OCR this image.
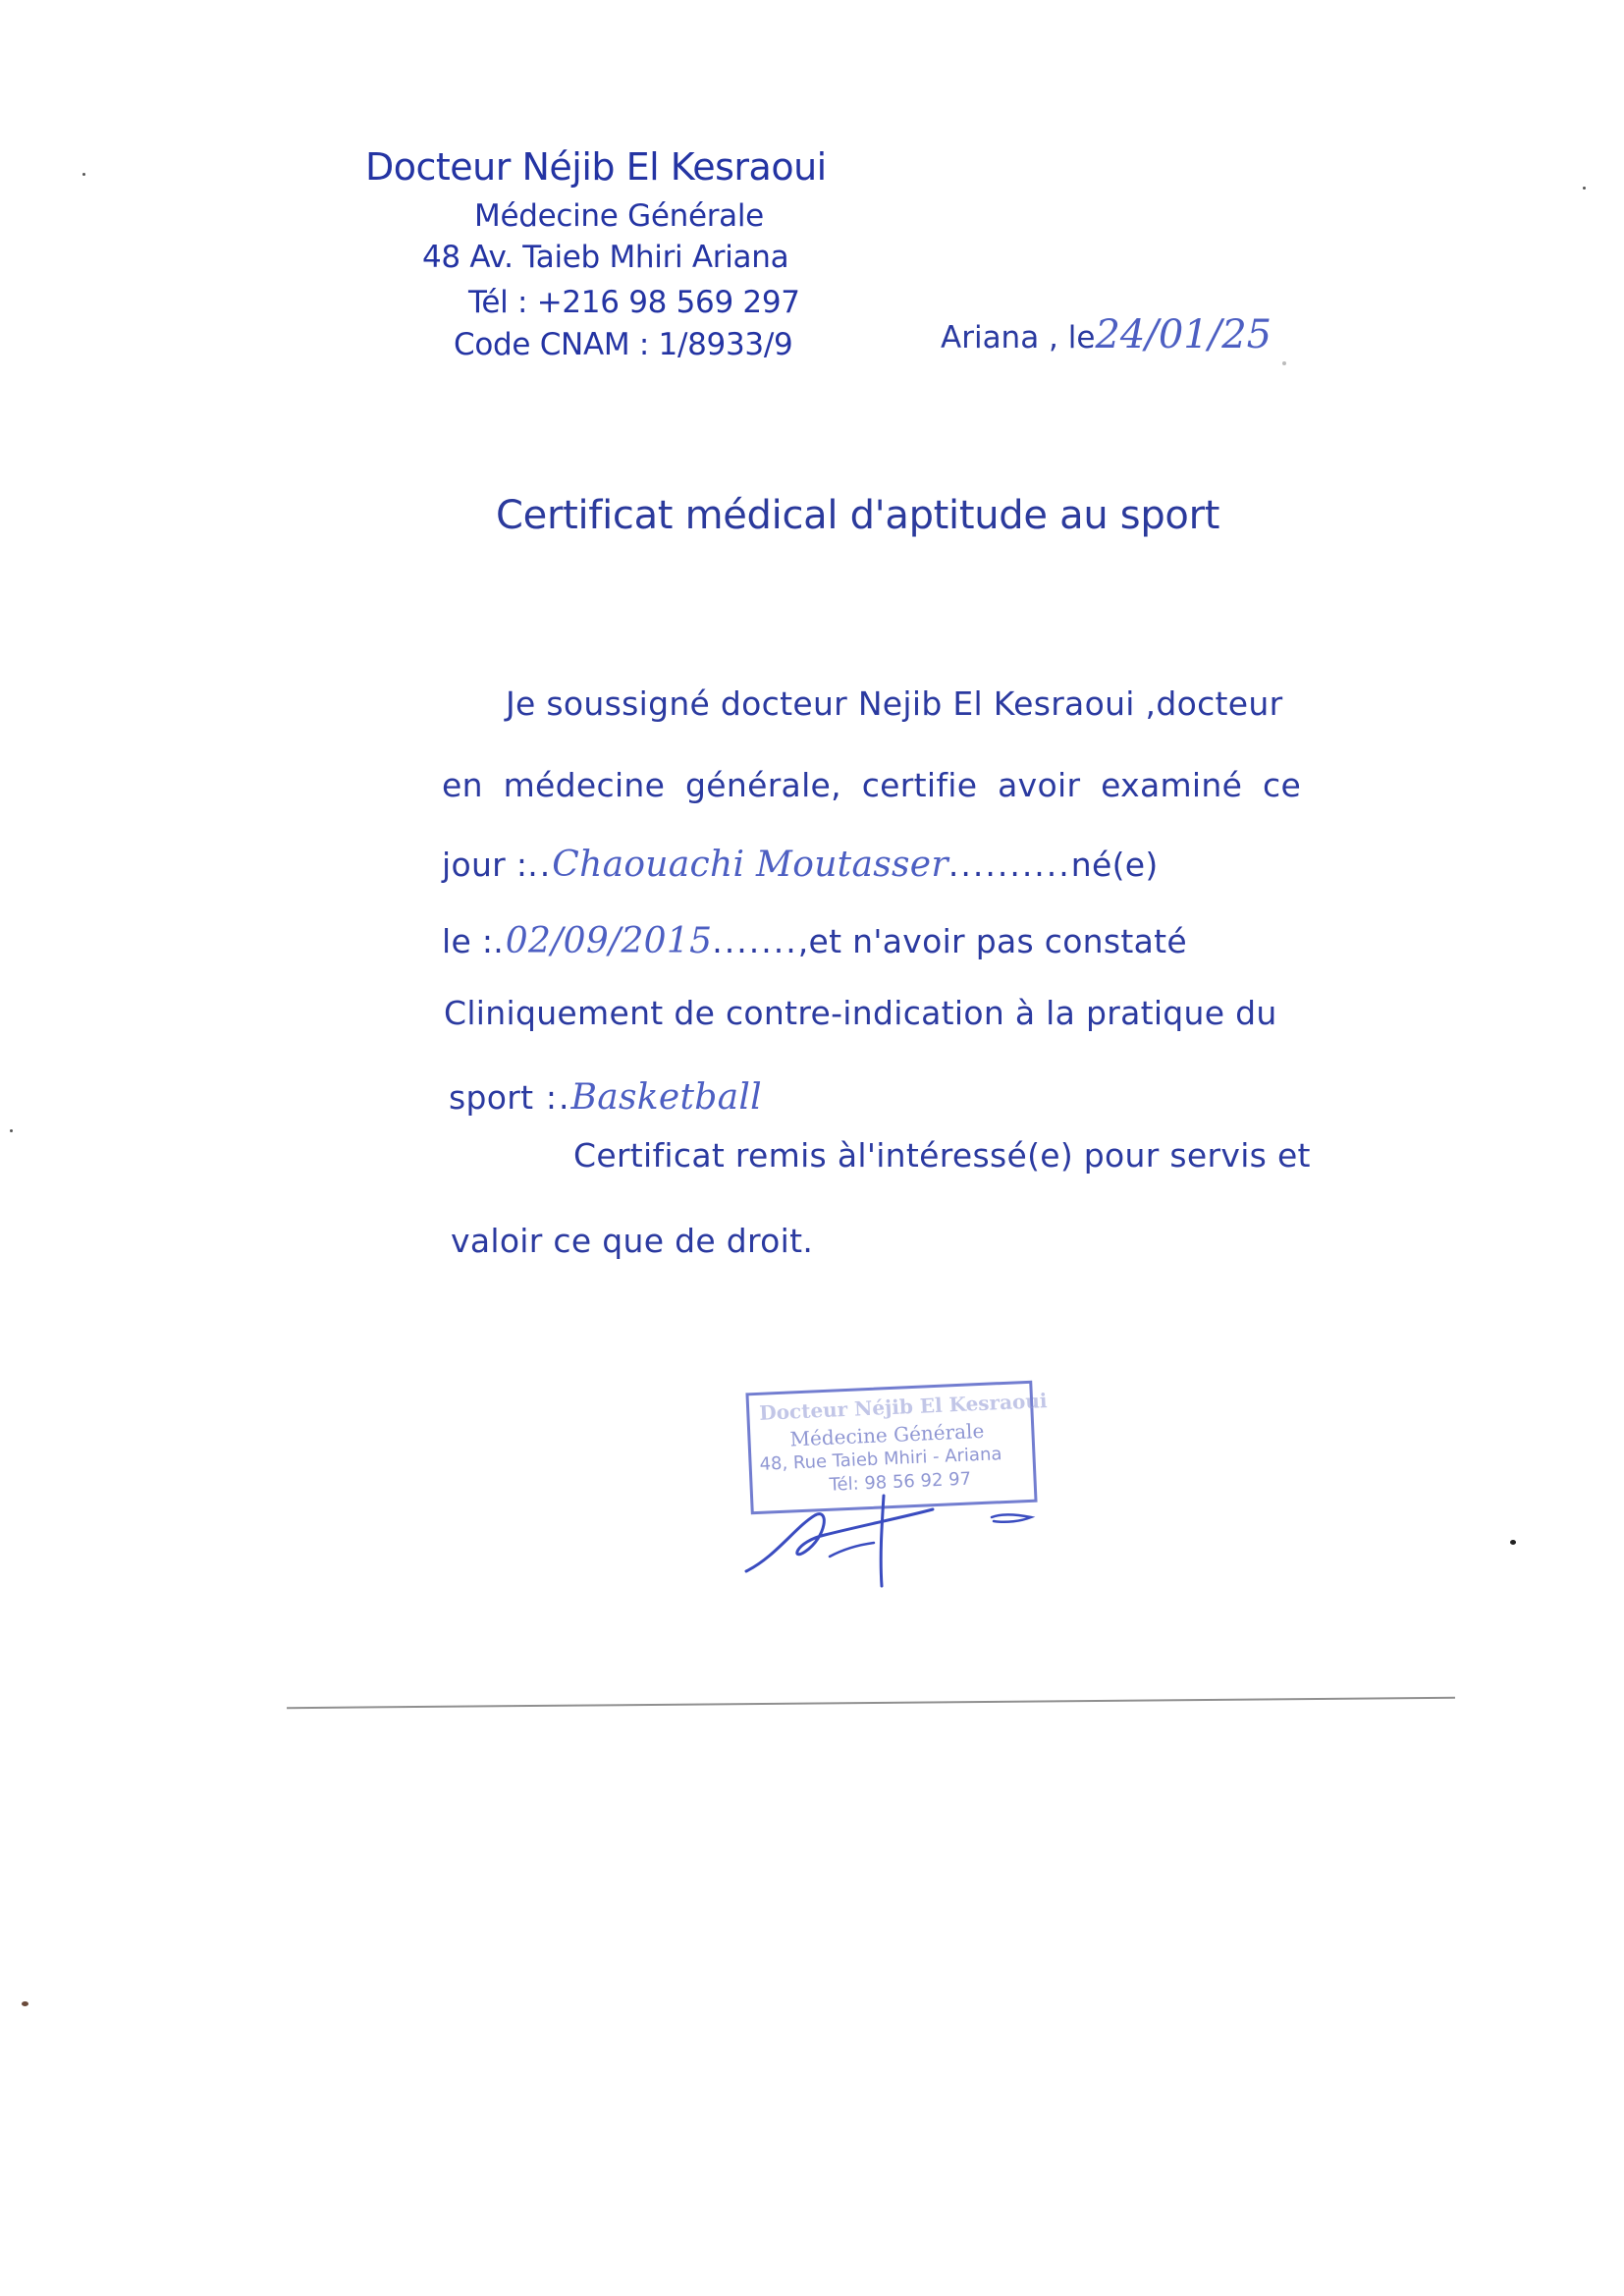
Docteur Néjib El Kesraoui
Médecine Générale
48 Av. Taieb Mhiri Ariana
Tél : +216 98 569 297
Code CNAM : 1/8933/9	Ariana , le24/01/25
Certificat médical d'aptitude au sport
Je soussigné docteur Nejib El Kesraoui ,docteur
en médecine générale, certifie avoir examiné ce
jour :..Chaouachi Moutasser..........né(e)
le :.02/09/2015.......,et n'avoir pas constaté
Cliniquement de contre-indication à la pratique du
sport :.Basketball
Certificat remis àl'intéressé(e) pour servis et
valoir ce que de droit.
Docteur Néjib El Kesraoui
Médecine Générale
48, Rue Taieb Mhiri - Ariana
Tél: 98 56 92 97
